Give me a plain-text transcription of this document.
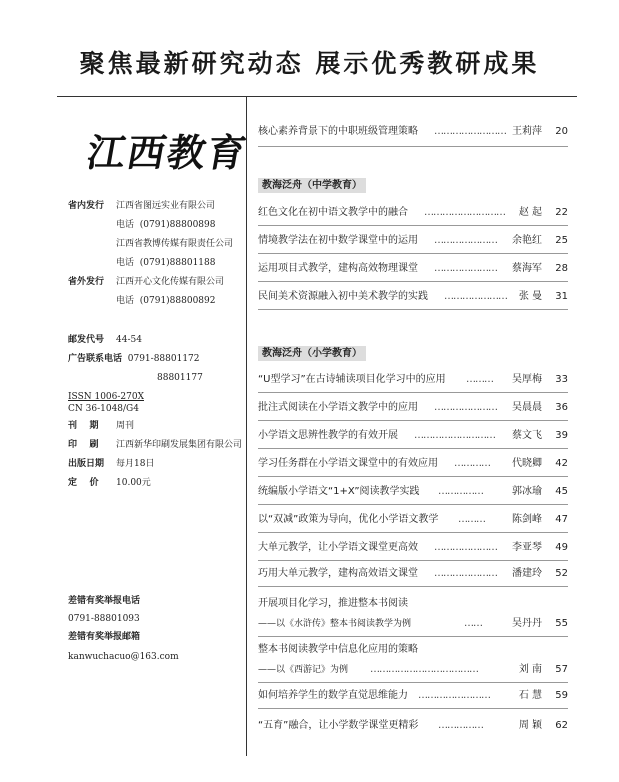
聚焦最新研究动态 展示优秀教研成果
江西教育
省内发行 江西省图远实业有限公司
电话 (0791)88800898
江西省教博传媒有限责任公司
电话 (0791)88801188
省外发行 江西开心文化传媒有限公司
电话 (0791)88800892
邮发代号 44-54
广告联系电话 0791-88801172
88801177
ISSN 1006-270X
CN 36-1048/G4
刊    期 周刊
印    刷 江西新华印刷发展集团有限公司
出版日期 每月18日
定    价 10.00元
差错有奖举报电话
0791-88801093
差错有奖举报邮箱
kanwuchacuo@163.com
核心素养背景下的中职班级管理策略 …………………… 王莉萍	20
教海泛舟（中学教育）
红色文化在初中语文教学中的融合 ………………………	赵 起	22
情境教学法在初中数学课堂中的运用 …………………	余艳红	25
运用项目式教学，建构高效物理课堂 …………………	蔡海军	28
民间美术资源融入初中美术教学的实践 …………………	张 曼	31
教海泛舟（小学教育）
“U型学习”在古诗辅读项目化学习中的应用 ………	吴厚梅	33
批注式阅读在小学语文教学中的应用 …………………	吴晨晨	36
小学语文思辨性教学的有效开展 ………………………	蔡文飞	39
学习任务群在小学语文课堂中的有效应用 …………	代晓卿	42
统编版小学语文“1+X”阅读教学实践 ……………	郭冰瑜	45
以“双减”政策为导向，优化小学语文教学 ………	陈剑峰	47
大单元教学，让小学语文课堂更高效 …………………	李亚琴	49
巧用大单元教学，建构高效语文课堂 …………………	潘建玲	52
开展项目化学习，推进整本书阅读
——以《水浒传》整本书阅读教学为例	……	吴丹丹	55
整本书阅读教学中信息化应用的策略
——以《西游记》为例 ………………………………	刘 南	57
如何培养学生的数学直觉思维能力 ……………………	石 慧	59
“五育”融合，让小学数学课堂更精彩 ……………	周 颖	62
